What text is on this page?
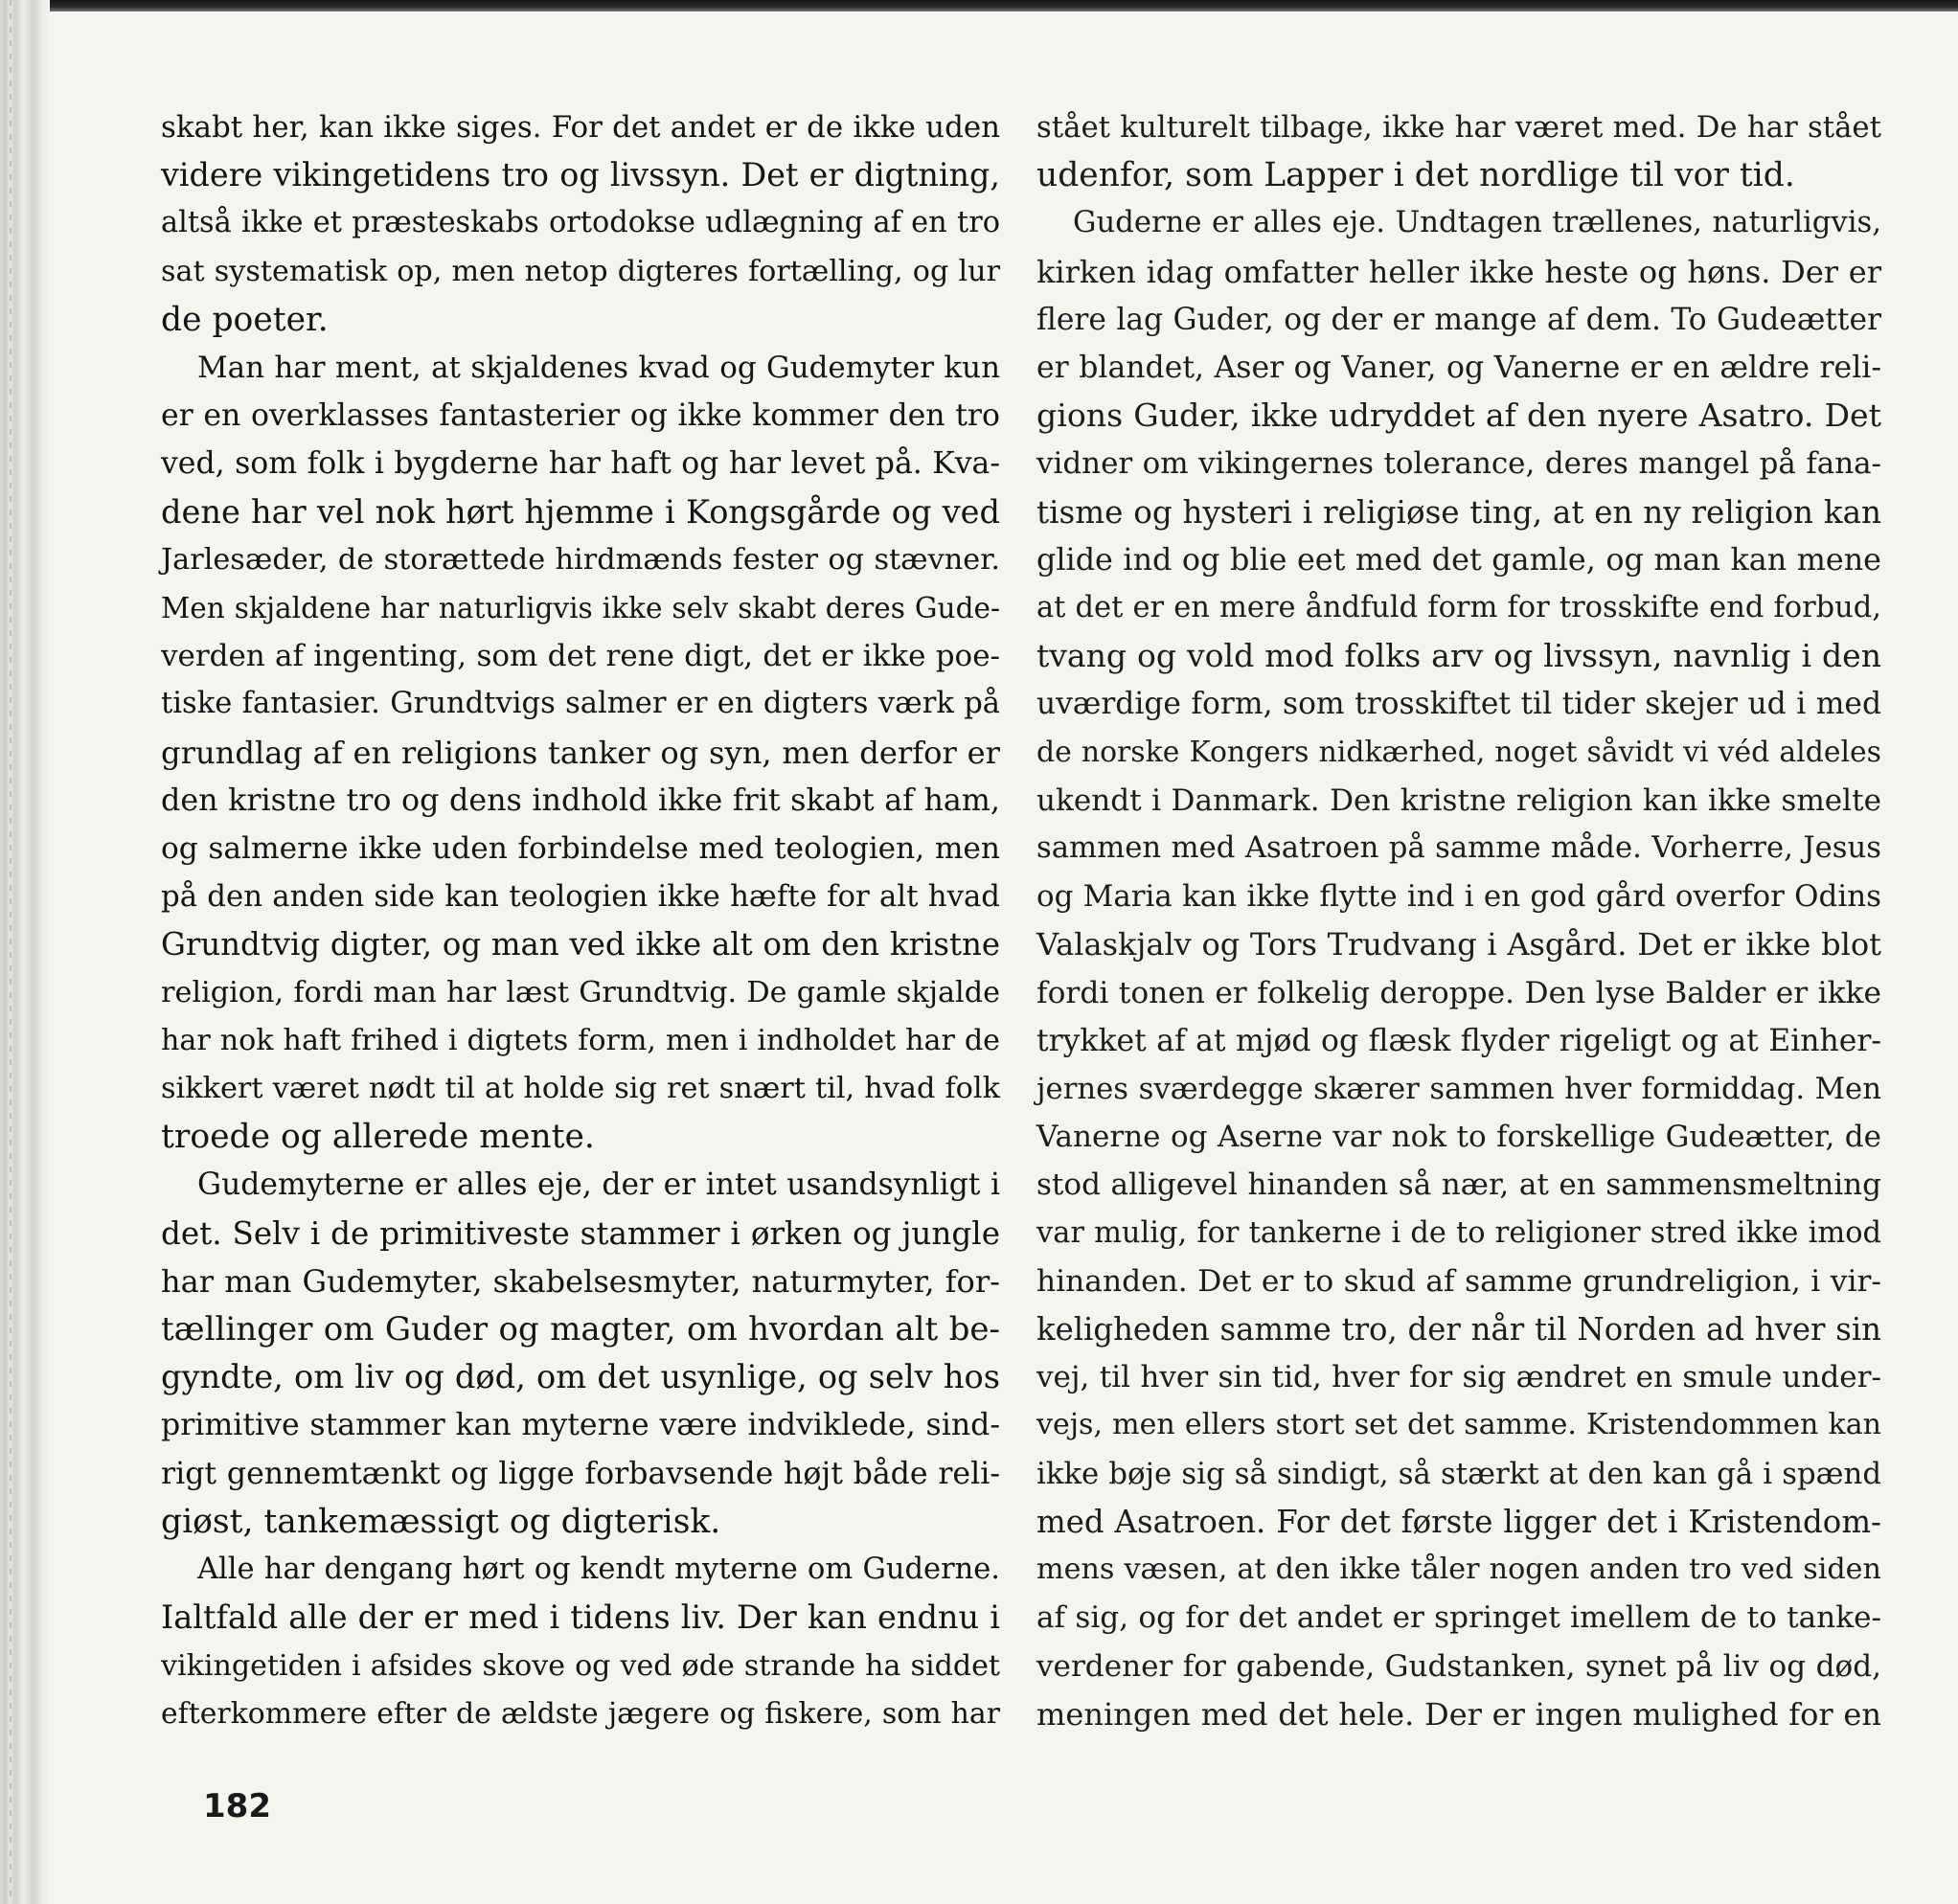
skabt her, kan ikke siges. For det andet er de ikke uden
videre vikingetidens tro og livssyn. Det er digtning,
altså ikke et præsteskabs ortodokse udlægning af en tro
sat systematisk op, men netop digteres fortælling, og lur
de poeter.
Man har ment, at skjaldenes kvad og Gudemyter kun
er en overklasses fantasterier og ikke kommer den tro
ved, som folk i bygderne har haft og har levet på. Kva-
dene har vel nok hørt hjemme i Kongsgårde og ved
Jarlesæder, de storættede hirdmænds fester og stævner.
Men skjaldene har naturligvis ikke selv skabt deres Gude-
verden af ingenting, som det rene digt, det er ikke poe-
tiske fantasier. Grundtvigs salmer er en digters værk på
grundlag af en religions tanker og syn, men derfor er
den kristne tro og dens indhold ikke frit skabt af ham,
og salmerne ikke uden forbindelse med teologien, men
på den anden side kan teologien ikke hæfte for alt hvad
Grundtvig digter, og man ved ikke alt om den kristne
religion, fordi man har læst Grundtvig. De gamle skjalde
har nok haft frihed i digtets form, men i indholdet har de
sikkert været nødt til at holde sig ret snært til, hvad folk
troede og allerede mente.
Gudemyterne er alles eje, der er intet usandsynligt i
det. Selv i de primitiveste stammer i ørken og jungle
har man Gudemyter, skabelsesmyter, naturmyter, for-
tællinger om Guder og magter, om hvordan alt be-
gyndte, om liv og død, om det usynlige, og selv hos
primitive stammer kan myterne være indviklede, sind-
rigt gennemtænkt og ligge forbavsende højt både reli-
giøst, tankemæssigt og digterisk.
Alle har dengang hørt og kendt myterne om Guderne.
Ialtfald alle der er med i tidens liv. Der kan endnu i
vikingetiden i afsides skove og ved øde strande ha siddet
efterkommere efter de ældste jægere og fiskere, som har
stået kulturelt tilbage, ikke har været med. De har stået
udenfor, som Lapper i det nordlige til vor tid.
Guderne er alles eje. Undtagen trællenes, naturligvis,
kirken idag omfatter heller ikke heste og høns. Der er
flere lag Guder, og der er mange af dem. To Gudeætter
er blandet, Aser og Vaner, og Vanerne er en ældre reli-
gions Guder, ikke udryddet af den nyere Asatro. Det
vidner om vikingernes tolerance, deres mangel på fana-
tisme og hysteri i religiøse ting, at en ny religion kan
glide ind og blie eet med det gamle, og man kan mene
at det er en mere åndfuld form for trosskifte end forbud,
tvang og vold mod folks arv og livssyn, navnlig i den
uværdige form, som trosskiftet til tider skejer ud i med
de norske Kongers nidkærhed, noget såvidt vi véd aldeles
ukendt i Danmark. Den kristne religion kan ikke smelte
sammen med Asatroen på samme måde. Vorherre, Jesus
og Maria kan ikke flytte ind i en god gård overfor Odins
Valaskjalv og Tors Trudvang i Asgård. Det er ikke blot
fordi tonen er folkelig deroppe. Den lyse Balder er ikke
trykket af at mjød og flæsk flyder rigeligt og at Einher-
jernes sværdegge skærer sammen hver formiddag. Men
Vanerne og Aserne var nok to forskellige Gudeætter, de
stod alligevel hinanden så nær, at en sammensmeltning
var mulig, for tankerne i de to religioner stred ikke imod
hinanden. Det er to skud af samme grundreligion, i vir-
keligheden samme tro, der når til Norden ad hver sin
vej, til hver sin tid, hver for sig ændret en smule under-
vejs, men ellers stort set det samme. Kristendommen kan
ikke bøje sig så sindigt, så stærkt at den kan gå i spænd
med Asatroen. For det første ligger det i Kristendom-
mens væsen, at den ikke tåler nogen anden tro ved siden
af sig, og for det andet er springet imellem de to tanke-
verdener for gabende, Gudstanken, synet på liv og død,
meningen med det hele. Der er ingen mulighed for en
182
